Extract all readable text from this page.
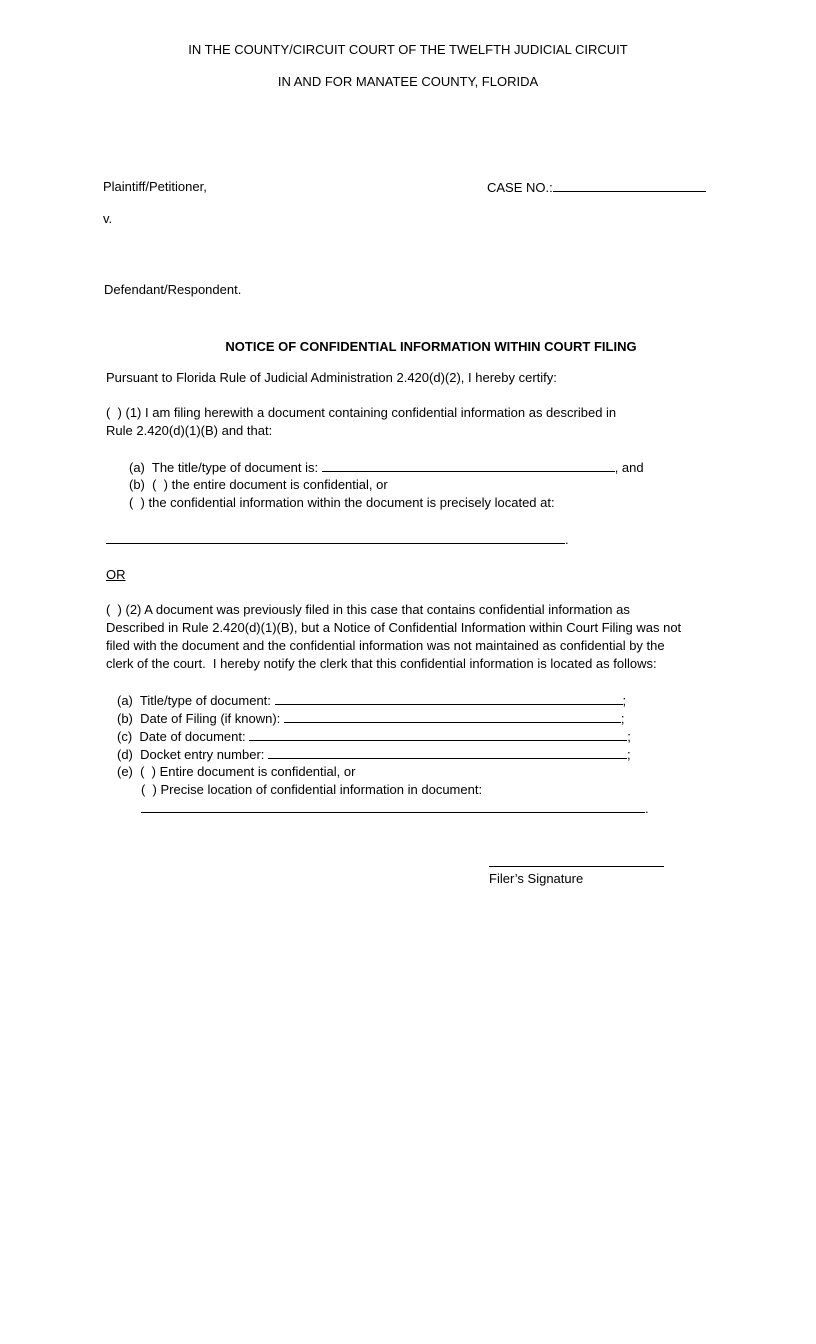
IN THE COUNTY/CIRCUIT COURT OF THE TWELFTH JUDICIAL CIRCUIT

IN AND FOR MANATEE COUNTY, FLORIDA

Plaintiff/Petitioner,	CASE NO.:

v.

Defendant/Respondent.

NOTICE OF CONFIDENTIAL INFORMATION WITHIN COURT FILING

Pursuant to Florida Rule of Judicial Administration 2.420(d)(2), I hereby certify:

(  ) (1) I am filing herewith a document containing confidential information as described in

Rule 2.420(d)(1)(B) and that:

(a)  The title/type of document is:	, and

(b)  (  ) the entire document is confidential, or

(  ) the confidential information within the document is precisely located at:

.

OR

(  ) (2) A document was previously filed in this case that contains confidential information as

Described in Rule 2.420(d)(1)(B), but a Notice of Confidential Information within Court Filing was not

filed with the document and the confidential information was not maintained as confidential by the

clerk of the court.  I hereby notify the clerk that this confidential information is located as follows:

(a)  Title/type of document:	;

(b)  Date of Filing (if known):	;

(c)  Date of document:	;

(d)  Docket entry number:	;

(e)  (  ) Entire document is confidential, or

(  ) Precise location of confidential information in document:

.

Filer’s Signature
